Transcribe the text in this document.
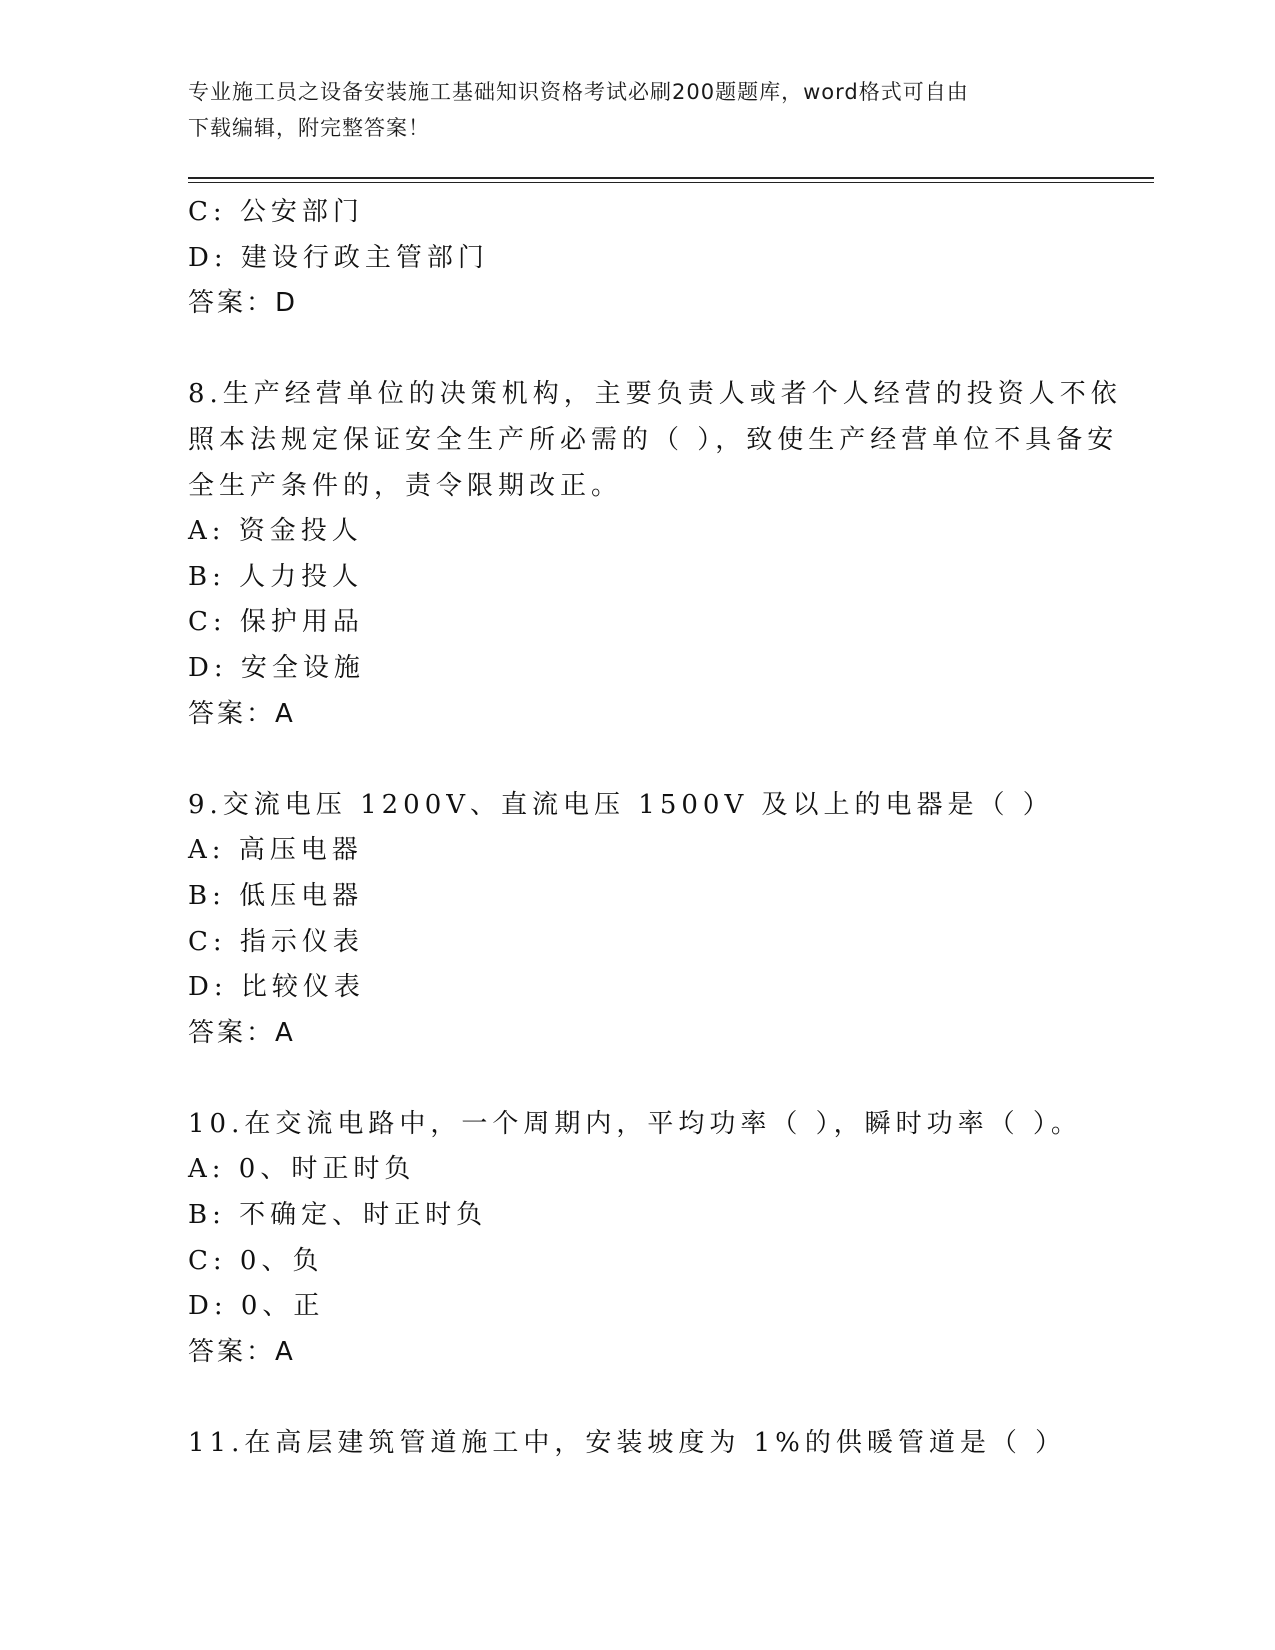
专业施工员之设备安装施工基础知识资格考试必刷200题题库，word格式可自由
下载编辑，附完整答案！
C: 公安部门
D: 建设行政主管部门
答案：D
8.生产经营单位的决策机构，主要负责人或者个人经营的投资人不依
照本法规定保证安全生产所必需的（ ），致使生产经营单位不具备安
全生产条件的，责令限期改正。
A: 资金投人
B: 人力投人
C: 保护用品
D: 安全设施
答案：A
9.交流电压 1200V、直流电压 1500V 及以上的电器是（ ）
A: 高压电器
B: 低压电器
C: 指示仪表
D: 比较仪表
答案：A
10.在交流电路中，一个周期内，平均功率（ ），瞬时功率（ ）。
A: 0、时正时负
B: 不确定、时正时负
C: 0、负
D: 0、正
答案：A
11.在高层建筑管道施工中，安装坡度为 1%的供暖管道是（ ）
